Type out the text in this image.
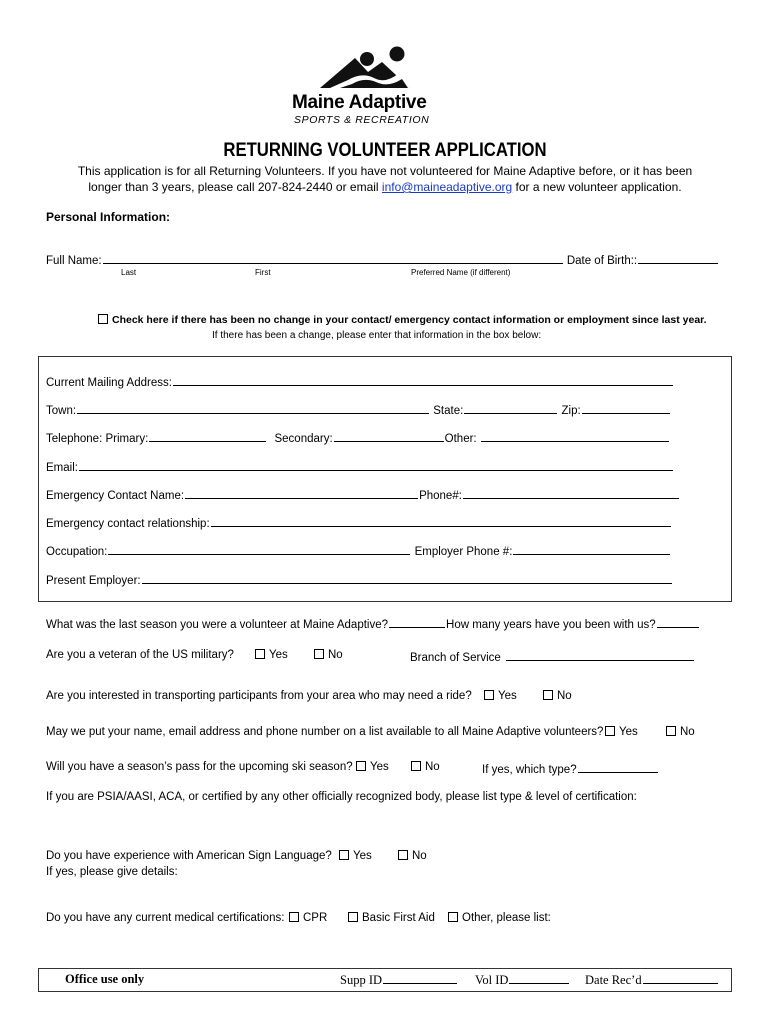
Maine Adaptive
SPORTS & RECREATION
RETURNING VOLUNTEER APPLICATION
This application is for all Returning Volunteers. If you have not volunteered for Maine Adaptive before, or it has been
longer than 3 years, please call 207-824-2440 or email info@maineadaptive.org for a new volunteer application.
Personal Information:
Full Name:	Date of Birth::
Last	First	Preferred Name (if different)
Check here if there has been no change in your contact/ emergency contact information or employment since last year.
If there has been a change, please enter that information in the box below:
Current Mailing Address:
Town:	State:	Zip:
Telephone: Primary:	Secondary:	Other:
Email:
Emergency Contact Name:	Phone#:
Emergency contact relationship:
Occupation:	Employer Phone #:
Present Employer:
What was the last season you were a volunteer at Maine Adaptive?	How many years have you been with us?
Are you a veteran of the US military?	Yes	No	Branch of Service
Are you interested in transporting participants from your area who may need a ride?	Yes	No
May we put your name, email address and phone number on a list available to all Maine Adaptive volunteers?	Yes	No
Will you have a season’s pass for the upcoming ski season?	Yes	No	If yes, which type?
If you are PSIA/AASI, ACA, or certified by any other officially recognized body, please list type & level of certification:
Do you have experience with American Sign Language?	Yes	No
If yes, please give details:
Do you have any current medical certifications:	CPR	Basic First Aid	Other, please list:
Office use only	Supp ID	Vol ID	Date Rec’d
